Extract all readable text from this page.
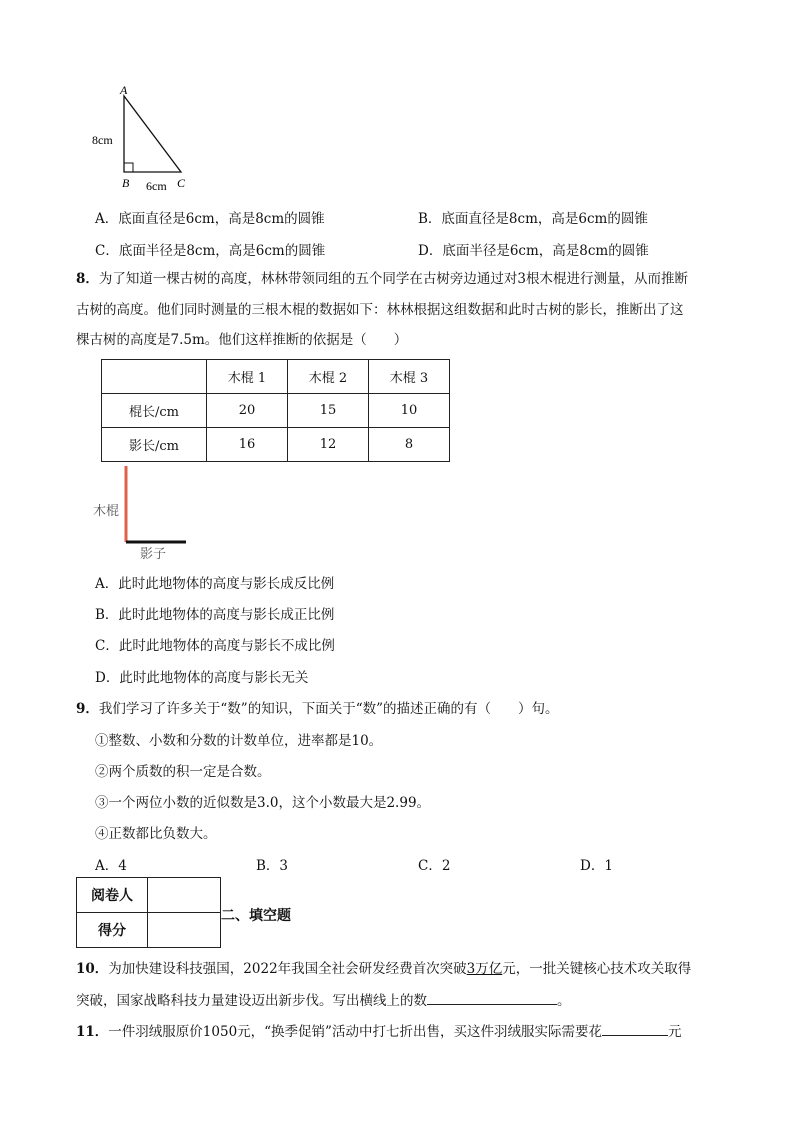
A
B	C
8cm
6cm
A．底面直径是6cm，高是8cm的圆锥	B．底面直径是8cm，高是6cm的圆锥
C．底面半径是8cm，高是6cm的圆锥	D．底面半径是6cm，高是8cm的圆锥
8．为了知道一棵古树的高度，林林带领同组的五个同学在古树旁边通过对3根木棍进行测量，从而推断
古树的高度。他们同时测量的三根木棍的数据如下：林林根据这组数据和此时古树的影长，推断出了这
棵古树的高度是7.5m。他们这样推断的依据是（　　）
	木棍 1	木棍 2	木棍 3
棍长/cm	20	15	10
影长/cm	16	12	8
木棍
影子
A．此时此地物体的高度与影长成反比例
B．此时此地物体的高度与影长成正比例
C．此时此地物体的高度与影长不成比例
D．此时此地物体的高度与影长无关
9．我们学习了许多关于“数”的知识，下面关于“数”的描述正确的有（　　）句。
①整数、小数和分数的计数单位，进率都是10。
②两个质数的积一定是合数。
③一个两位小数的近似数是3.0，这个小数最大是2.99。
④正数都比负数大。
A．4	B．3	C．2	D．1
阅卷人	
得分	
二、填空题
10．为加快建设科技强国，2022年我国全社会研发经费首次突破3万亿元，一批关键核心技术攻关取得
突破，国家战略科技力量建设迈出新步伐。写出横线上的数	。
11．一件羽绒服原价1050元，“换季促销”活动中打七折出售，买这件羽绒服实际需要花	元
